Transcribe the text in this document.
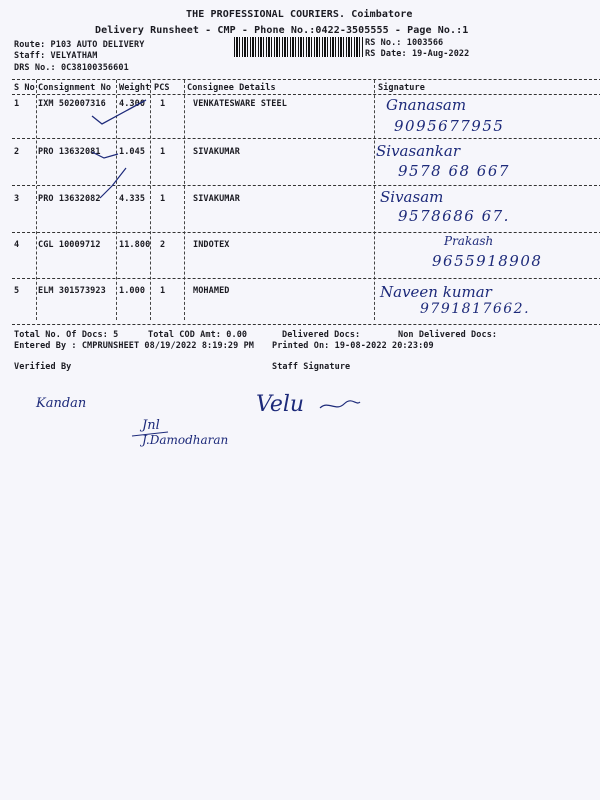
THE PROFESSIONAL COURIERS. Coimbatore
Delivery Runsheet - CMP - Phone No.:0422-3505555 - Page No.:1
Route: P103 AUTO DELIVERY
Staff: VELYATHAM
DRS No.: 0C38100356601
RS No.: 1003566
RS Date: 19-Aug-2022
S No Consignment No Weight PCS Consignee Details	Signature
1 IXM 502007316 4.300 1	VENKATESWARE STEEL	Gnanasam
9095677955
2 PRO 13632081 1.045 1	SIVAKUMAR	Sivasankar
9578 68 667
3 PRO 13632082 4.335 1	SIVAKUMAR	Sivasam
9578686 67.
4 CGL 10009712 11.800 2	INDOTEX	Prakash
9655918908
5 ELM 301573923 1.000 1	MOHAMED	Naveen kumar
9791817662.
Total No. Of Docs: 5	Total COD Amt: 0.00	Delivered Docs:	Non Delivered Docs:
Entered By : CMPRUNSHEET 08/19/2022 8:19:29 PM Printed On: 19-08-2022 20:23:09
Verified By	Staff Signature
Kandan
Jnl
J.Damodharan
Velu
